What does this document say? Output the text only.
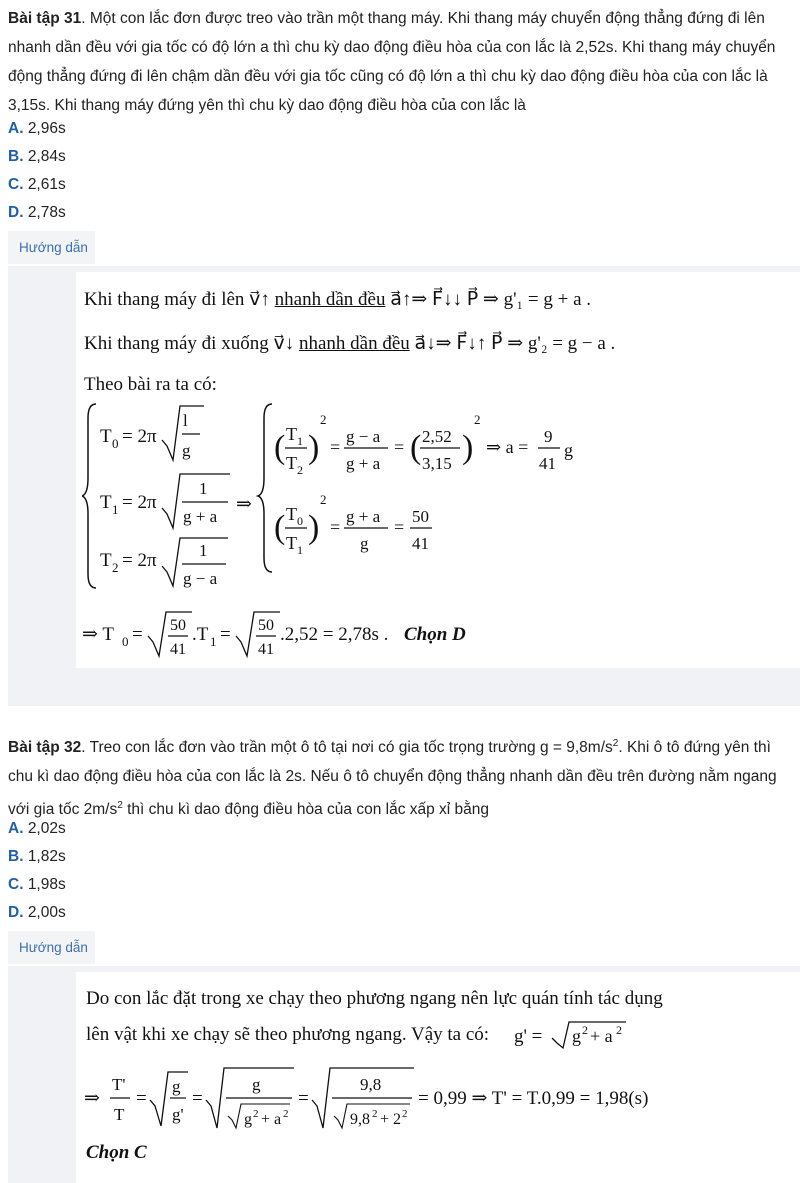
Bài tập 31. Một con lắc đơn được treo vào trần một thang máy. Khi thang máy chuyển động thẳng đứng đi lên nhanh dần đều với gia tốc có độ lớn a thì chu kỳ dao động điều hòa của con lắc là 2,52s. Khi thang máy chuyển động thẳng đứng đi lên chậm dần đều với gia tốc cũng có độ lớn a thì chu kỳ dao động điều hòa của con lắc là 3,15s. Khi thang máy đứng yên thì chu kỳ dao động điều hòa của con lắc là
A. 2,96s
B. 2,84s
C. 2,61s
D. 2,78s
Hướng dẫn
Khi thang máy đi lên v⃗↑ nhanh dần đều a⃗↑⇒ F⃗↓↓ P⃗ ⇒ g'₁ = g + a .
Khi thang máy đi xuống v⃗↓ nhanh dần đều a⃗↓⇒ F⃗↓↑ P⃗ ⇒ g'₂ = g − a .
Theo bài ra ta có:
T 0 = 2π
l
g
T 1 = 2π
1
g + a
⇒
T 2 = 2π 1
g − a
( T 1
T 2
)
2
=
g − a
g + a
= ( 2,52
3,15 )
2
⇒ a =
9
41
g
( T 0
T 1
)
2
=
g + a
g
=
50
41
⇒ T 0 = 50
41
.T 1 = 50
41
.2,52 = 2,78s . Chọn D
Bài tập 32. Treo con lắc đơn vào trần một ô tô tại nơi có gia tốc trọng trường $g = 9,8m/s^2$. Khi ô tô đứng yên thì chu kì dao động điều hòa của con lắc là 2s. Nếu ô tô chuyển động thẳng nhanh dần đều trên đường nằm ngang với gia tốc $2m/s^2$ thì chu kì dao động điều hòa của con lắc xấp xỉ bằng
A. 2,02s
B. 1,82s
C. 1,98s
D. 2,00s
Hướng dẫn
Do con lắc đặt trong xe chạy theo phương ngang nên lực quán tính tác dụng
lên vật khi xe chạy sẽ theo phương ngang. Vậy ta có: g' = g 2 + a 2
⇒
T'
T
=
g
g'
=
g
g 2 + a 2
=
9,8
9,8 2 + 2 2
= 0,99 ⇒ T' = T.0,99 = 1,98(s)
Chọn C
